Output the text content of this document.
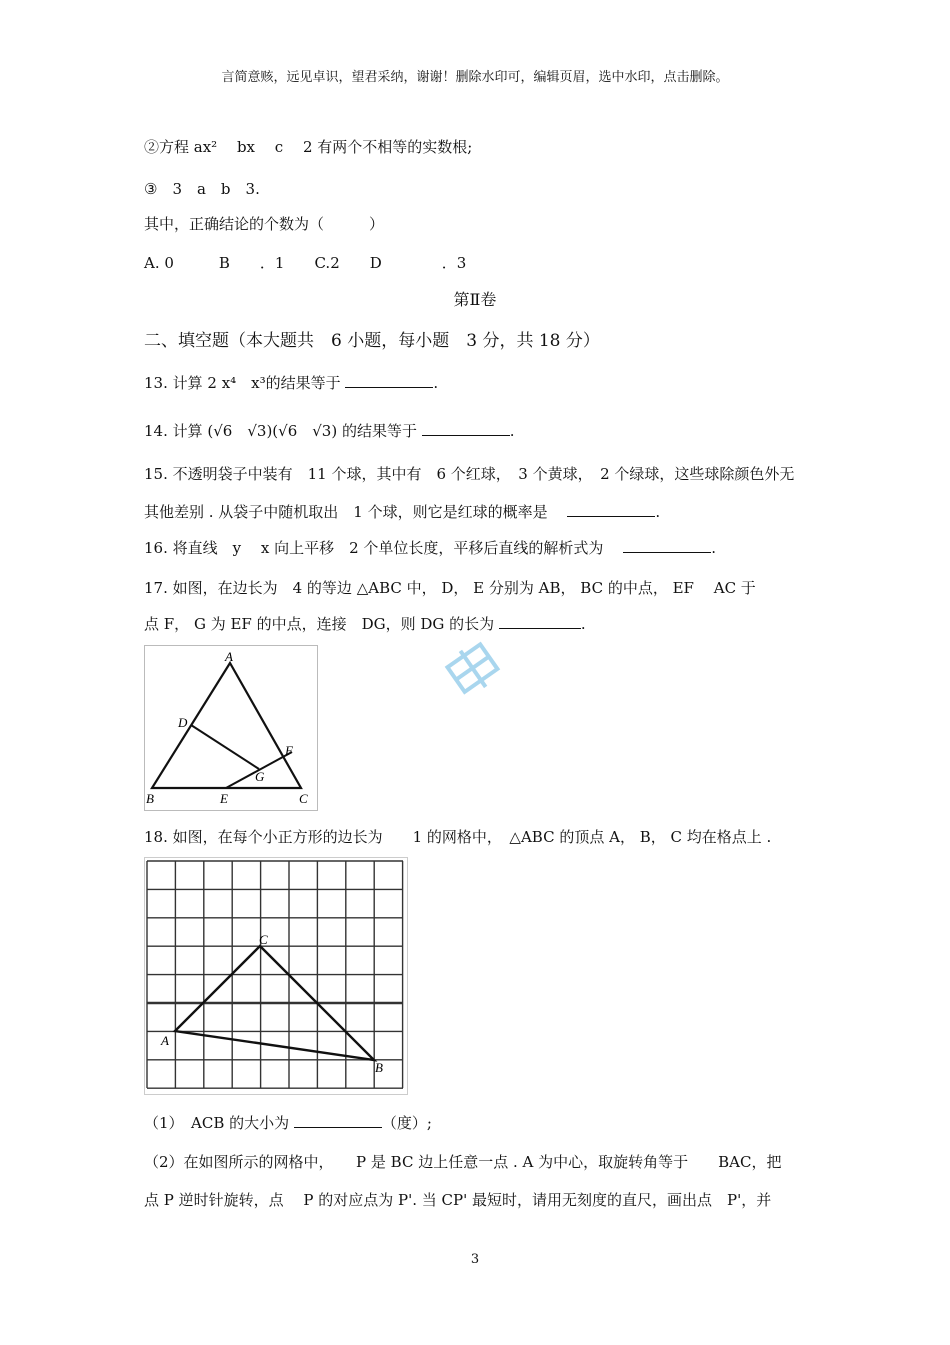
言简意赅，远见卓识，望君采纳，谢谢！删除水印可，编辑页眉，选中水印，点击删除。
②方程 ax² 　bx　 c　 2 有两个不相等的实数根;
③　3　a　b　3.
其中，正确结论的个数为（　　　）
A. 0　　　B　　．1　　C.2　　D　　　　．3
第Ⅱ卷
二、填空题（本大题共　6 小题，每小题　3 分，共 18 分）
13. 计算 2 x⁴　x³的结果等于	.
14. 计算 (√6　√3)(√6　√3) 的结果等于	.
15. 不透明袋子中装有　11 个球，其中有　6 个红球，　3 个黄球，　2 个绿球，这些球除颜色外无
其他差别 . 从袋子中随机取出　1 个球，则它是红球的概率是　	.
16. 将直线　y　 x 向上平移　2 个单位长度，平移后直线的解析式为　	.
17. 如图，在边长为　4 的等边 △ABC 中， D， E 分别为 AB， BC 的中点， EF　 AC 于
点 F， G 为 EF 的中点，连接　DG，则 DG 的长为	.
A
B	C
D
E
F
G
18. 如图，在每个小正方形的边长为　　1 的网格中，　△ABC 的顶点 A， B， C 均在格点上 .
A
B
C
（1）　ACB 的大小为	（度）;
（2）在如图所示的网格中，　　P 是 BC 边上任意一点 . A 为中心，取旋转角等于　　BAC，把
点 P 逆时针旋转，点　 P 的对应点为 P'. 当 CP' 最短时，请用无刻度的直尺，画出点　P'，并
3
